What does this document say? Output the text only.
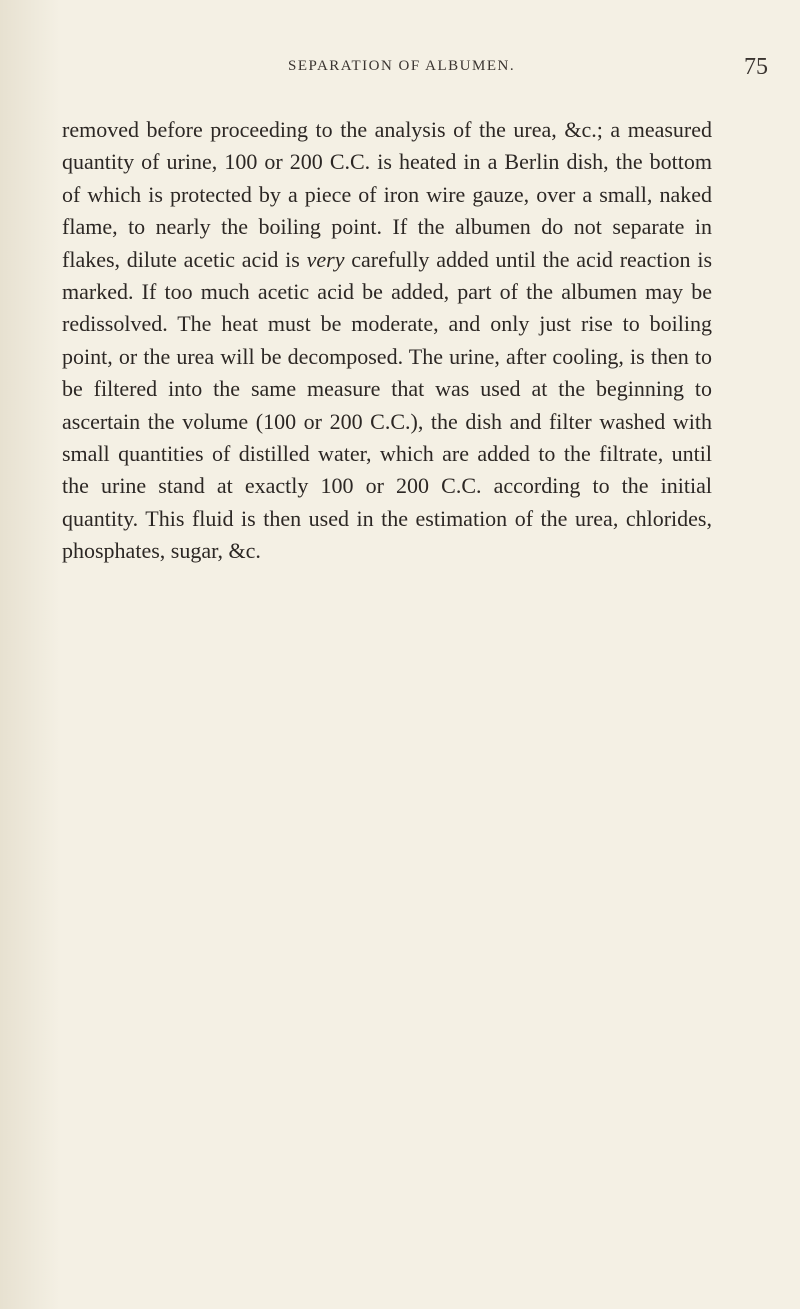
SEPARATION OF ALBUMEN.	75

removed before proceeding to the analysis of the urea, &c.; a measured quantity of urine, 100 or 200 C.C. is heated in a Berlin dish, the bottom of which is protected by a piece of iron wire gauze, over a small, naked flame, to nearly the boiling point. If the albumen do not separate in flakes, dilute acetic acid is very carefully added until the acid reaction is marked. If too much acetic acid be added, part of the albumen may be redissolved. The heat must be moderate, and only just rise to boiling point, or the urea will be decomposed. The urine, after cooling, is then to be filtered into the same measure that was used at the beginning to ascertain the volume (100 or 200 C.C.), the dish and filter washed with small quantities of distilled water, which are added to the filtrate, until the urine stand at exactly 100 or 200 C.C. according to the initial quantity. This fluid is then used in the estimation of the urea, chlorides, phosphates, sugar, &c.
